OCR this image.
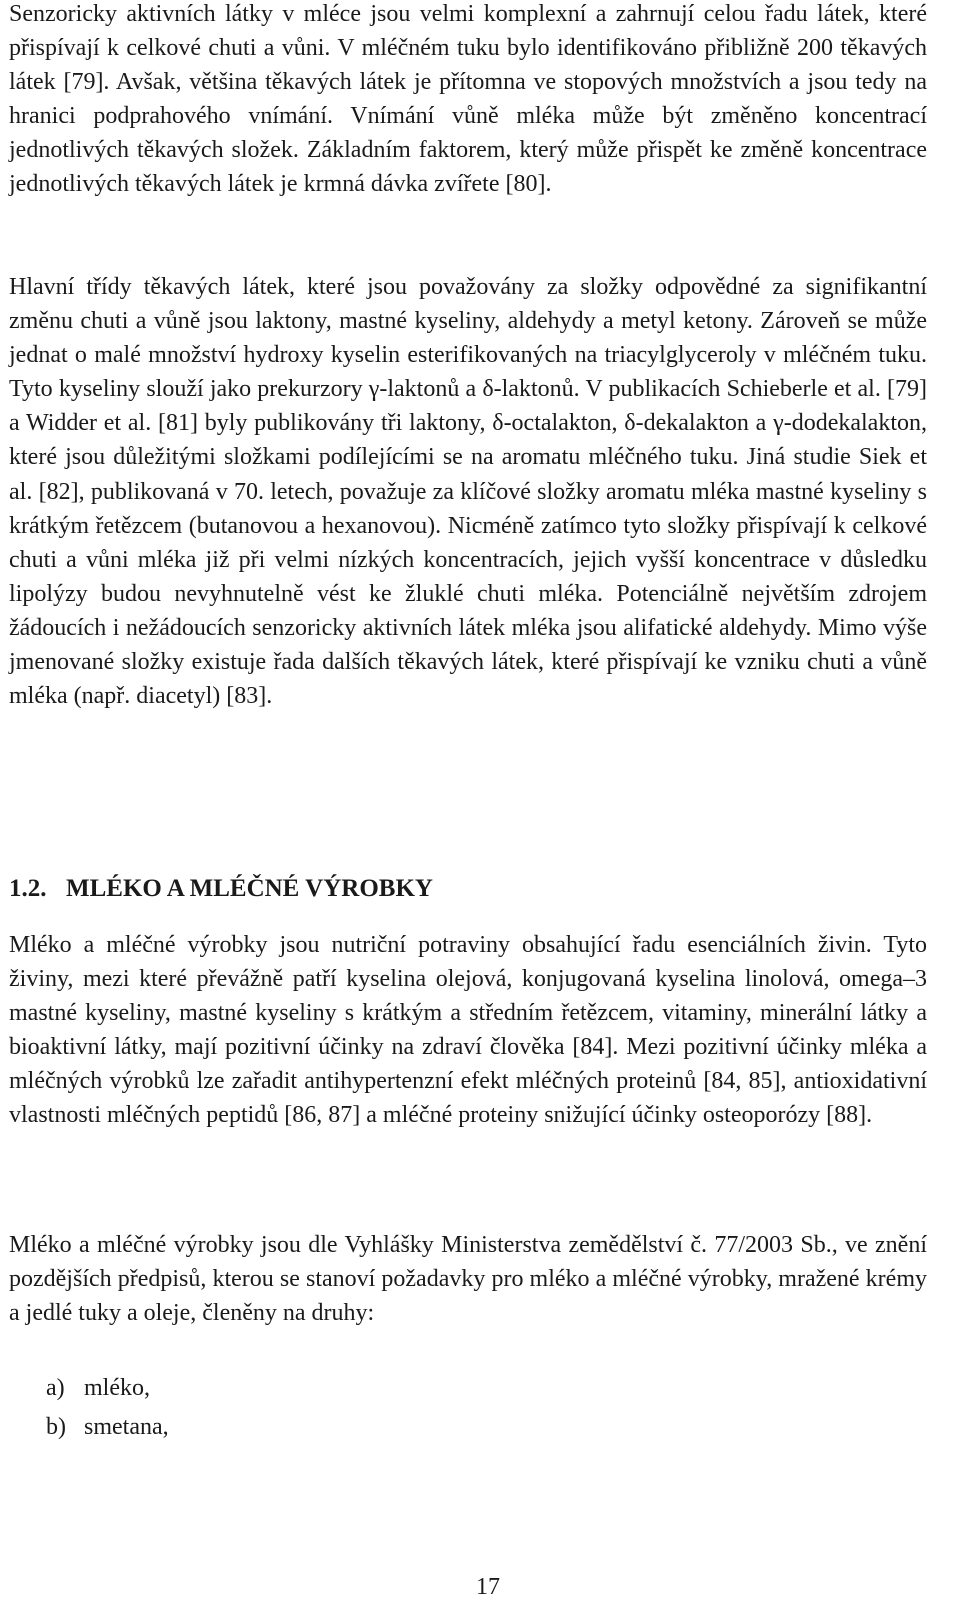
Senzoricky aktivních látky v mléce jsou velmi komplexní a zahrnují celou řadu látek, které přispívají k celkové chuti a vůni. V mléčném tuku bylo identifikováno přibližně 200 těkavých látek [79]. Avšak, většina těkavých látek je přítomna ve stopových množstvích a jsou tedy na hranici podprahového vnímání. Vnímání vůně mléka může být změněno koncentrací jednotlivých těkavých složek. Základním faktorem, který může přispět ke změně koncentrace jednotlivých těkavých látek je krmná dávka zvířete [80].

Hlavní třídy těkavých látek, které jsou považovány za složky odpovědné za signifikantní změnu chuti a vůně jsou laktony, mastné kyseliny, aldehydy a metyl ketony. Zároveň se může jednat o malé množství hydroxy kyselin esterifikovaných na triacylglyceroly v mléčném tuku. Tyto kyseliny slouží jako prekurzory γ-laktonů a δ-laktonů. V publikacích Schieberle et al. [79] a Widder et al. [81] byly publikovány tři laktony, δ-octalakton, δ-dekalakton a γ-dodekalakton, které jsou důležitými složkami podílejícími se na aromatu mléčného tuku. Jiná studie Siek et al. [82], publikovaná v 70. letech, považuje za klíčové složky aromatu mléka mastné kyseliny s krátkým řetězcem (butanovou a hexanovou). Nicméně zatímco tyto složky přispívají k celkové chuti a vůni mléka již při velmi nízkých koncentracích, jejich vyšší koncentrace v důsledku lipolýzy budou nevyhnutelně vést ke žluklé chuti mléka. Potenciálně největším zdrojem žádoucích i nežádoucích senzoricky aktivních látek mléka jsou alifatické aldehydy. Mimo výše jmenované složky existuje řada dalších těkavých látek, které přispívají ke vzniku chuti a vůně mléka (např. diacetyl) [83].

1.2. MLÉKO A MLÉČNÉ VÝROBKY

Mléko a mléčné výrobky jsou nutriční potraviny obsahující řadu esenciálních živin. Tyto živiny, mezi které převážně patří kyselina olejová, konjugovaná kyselina linolová, omega–3 mastné kyseliny, mastné kyseliny s krátkým a středním řetězcem, vitaminy, minerální látky a bioaktivní látky, mají pozitivní účinky na zdraví člověka [84]. Mezi pozitivní účinky mléka a mléčných výrobků lze zařadit antihypertenzní efekt mléčných proteinů [84, 85], antioxidativní vlastnosti mléčných peptidů [86, 87] a mléčné proteiny snižující účinky osteoporózy [88].

Mléko a mléčné výrobky jsou dle Vyhlášky Ministerstva zemědělství č. 77/2003 Sb., ve znění pozdějších předpisů, kterou se stanoví požadavky pro mléko a mléčné výrobky, mražené krémy a jedlé tuky a oleje, členěny na druhy:

a) mléko,

b) smetana,

17
